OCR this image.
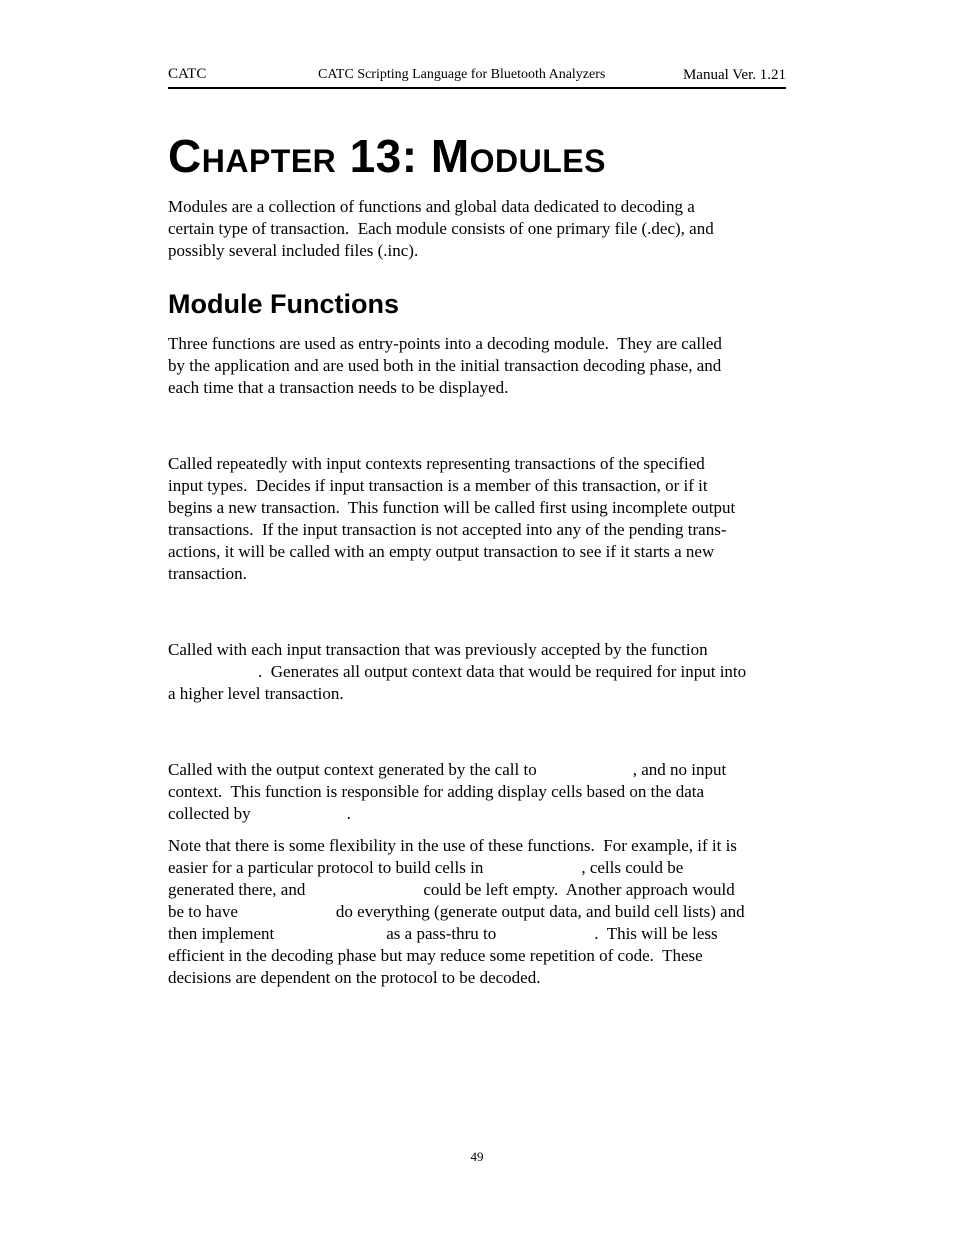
CATC	CATC Scripting Language for Bluetooth Analyzers	Manual Ver. 1.21
Chapter 13: Modules

Modules are a collection of functions and global data dedicated to decoding a
certain type of transaction.  Each module consists of one primary file (.dec), and
possibly several included files (.inc).

Module Functions

Three functions are used as entry-points into a decoding module.  They are called
by the application and are used both in the initial transaction decoding phase, and
each time that a transaction needs to be displayed.

Called repeatedly with input contexts representing transactions of the specified
input types.  Decides if input transaction is a member of this transaction, or if it
begins a new transaction.  This function will be called first using incomplete output
transactions.  If the input transaction is not accepted into any of the pending trans-
actions, it will be called with an empty output transaction to see if it starts a new
transaction.

Called with each input transaction that was previously accepted by the function
.  Generates all output context data that would be required for input into
a higher level transaction.

Called with the output context generated by the call to	, and no input
context.  This function is responsible for adding display cells based on the data
collected by	.

Note that there is some flexibility in the use of these functions.  For example, if it is
easier for a particular protocol to build cells in	, cells could be
generated there, and	could be left empty.  Another approach would
be to have	do everything (generate output data, and build cell lists) and
then implement	as a pass-thru to	.  This will be less
efficient in the decoding phase but may reduce some repetition of code.  These
decisions are dependent on the protocol to be decoded.

49
